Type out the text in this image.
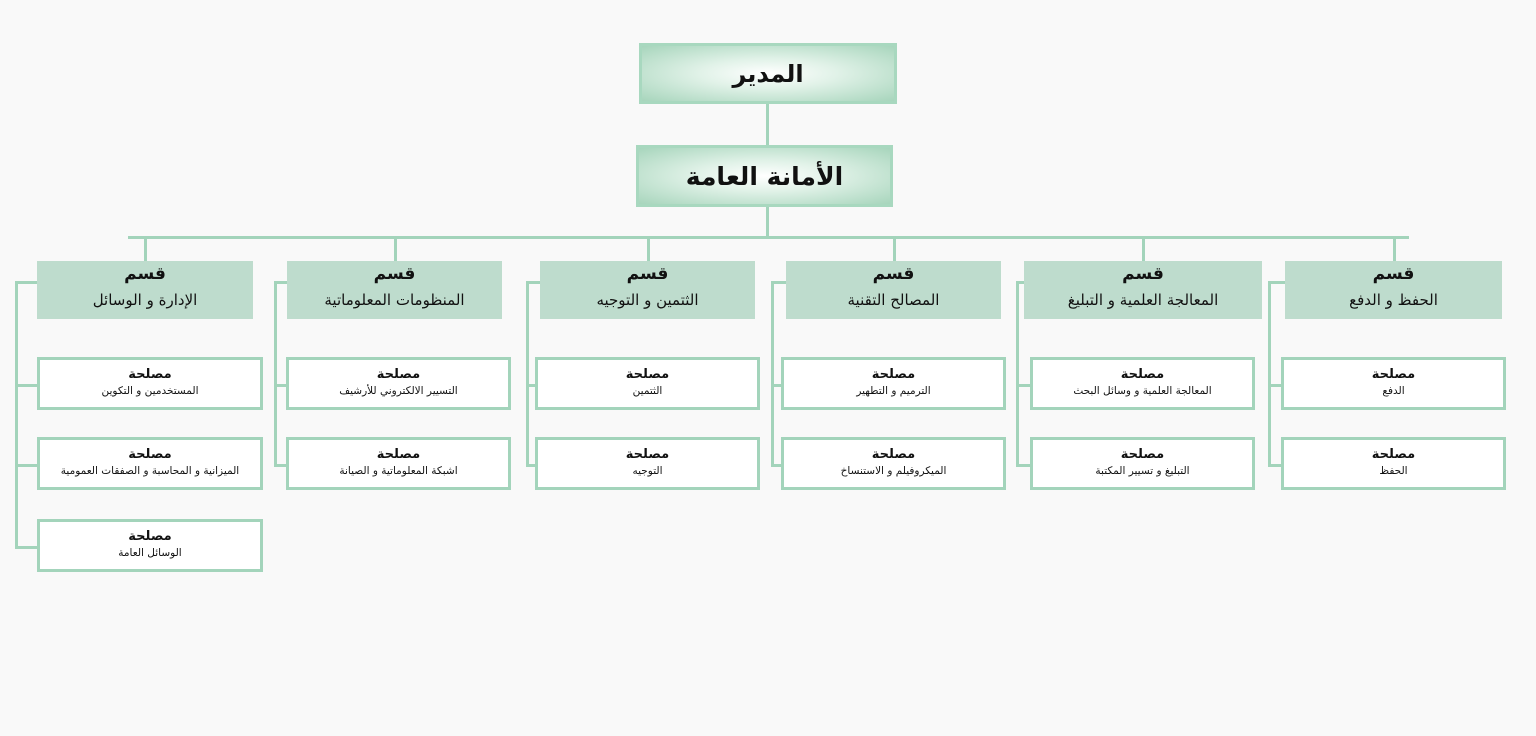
المدير
الأمانة العامة
قسم
الحفظ و الدفع
مصلحة
الدفع
مصلحة
الحفظ
قسم
المعالجة العلمية و التبليغ
مصلحة
المعالجة العلمية و وسائل البحث
مصلحة
التبليغ و تسيير المكتبة
قسم
المصالح التقنية
مصلحة
الترميم و التطهير
مصلحة
الميكروفيلم و الاستنساخ
قسم
الثتمين و التوجيه
مصلحة
الثتمين
مصلحة
التوجيه
قسم
المنظومات المعلوماتية
مصلحة
التسيير الالكتروني للأرشيف
مصلحة
اشبكة المعلوماتية و الصيانة
قسم
الإدارة و الوسائل
مصلحة
المستخدمين و التكوين
مصلحة
الميزانية و المحاسبة و الصفقات العمومية
مصلحة
الوسائل العامة
